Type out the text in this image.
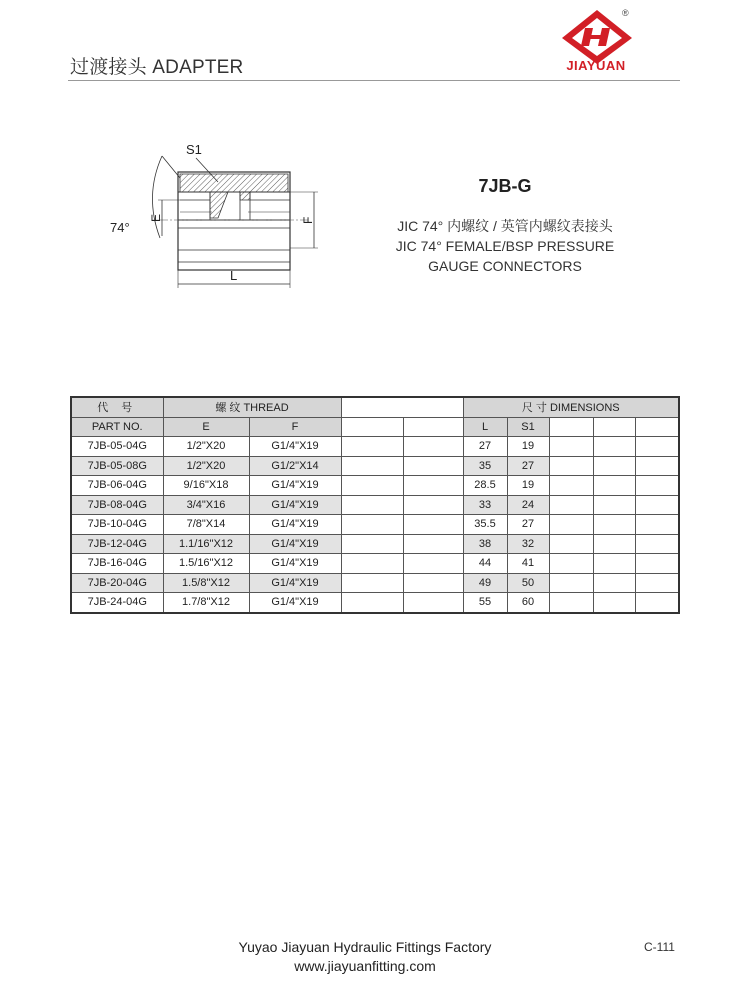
过渡接头 ADAPTER
®
JIAYUAN
S1
74°
E	F
L
7JB-G
JIC 74° 内螺纹 / 英管内螺纹表接头
JIC 74° FEMALE/BSP PRESSURE
GAUGE CONNECTORS
代 号	螺 纹 THREAD				尺 寸 DIMENSIONS				
PART NO.	E	F			L	S1			
7JB-05-04G	1/2"X20	G1/4"X19			27	19			
7JB-05-08G	1/2"X20	G1/2"X14			35	27			
7JB-06-04G	9/16"X18	G1/4"X19			28.5	19			
7JB-08-04G	3/4"X16	G1/4"X19			33	24			
7JB-10-04G	7/8"X14	G1/4"X19			35.5	27			
7JB-12-04G	1.1/16"X12	G1/4"X19			38	32			
7JB-16-04G	1.5/16"X12	G1/4"X19			44	41			
7JB-20-04G	1.5/8"X12	G1/4"X19			49	50			
7JB-24-04G	1.7/8"X12	G1/4"X19			55	60			
Yuyao Jiayuan Hydraulic Fittings Factory
www.jiayuanfitting.com
C-111
